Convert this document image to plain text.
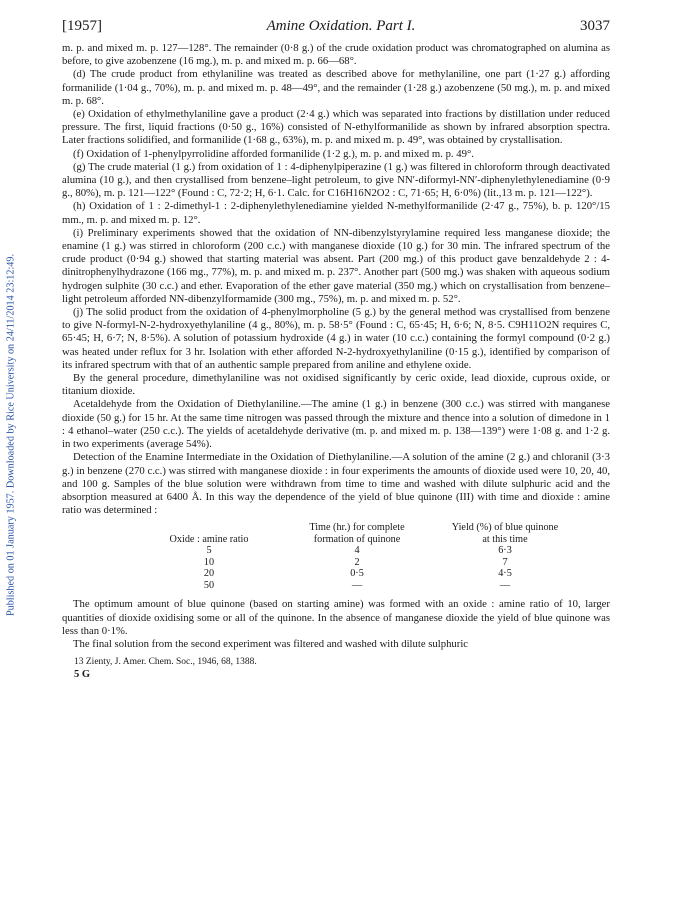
Published on 01 January 1957. Downloaded by Rice University on 24/11/2014 23:12:49.
[1957]	Amine Oxidation. Part I.	3037

m. p. and mixed m. p. 127—128°. The remainder (0·8 g.) of the crude oxidation product was chromatographed on alumina as before, to give azobenzene (16 mg.), m. p. and mixed m. p. 66—68°.

(d) The crude product from ethylaniline was treated as described above for methylaniline, one part (1·27 g.) affording formanilide (1·04 g., 70%), m. p. and mixed m. p. 48—49°, and the remainder (1·28 g.) azobenzene (50 mg.), m. p. and mixed m. p. 68°.

(e) Oxidation of ethylmethylaniline gave a product (2·4 g.) which was separated into fractions by distillation under reduced pressure. The first, liquid fractions (0·50 g., 16%) consisted of N-ethylformanilide as shown by infrared absorption spectra. Later fractions solidified, and formanilide (1·68 g., 63%), m. p. and mixed m. p. 49°, was obtained by crystallisation.

(f) Oxidation of 1-phenylpyrrolidine afforded formanilide (1·2 g.), m. p. and mixed m. p. 49°.

(g) The crude material (1 g.) from oxidation of 1 : 4-diphenylpiperazine (1 g.) was filtered in chloroform through deactivated alumina (10 g.), and then crystallised from benzene–light petroleum, to give NN′-diformyl-NN′-diphenylethylenediamine (0·9 g., 80%), m. p. 121—122° (Found : C, 72·2; H, 6·1. Calc. for C16H16N2O2 : C, 71·65; H, 6·0%) (lit.,13 m. p. 121—122°).

(h) Oxidation of 1 : 2-dimethyl-1 : 2-diphenylethylenediamine yielded N-methylformanilide (2·47 g., 75%), b. p. 120°/15 mm., m. p. and mixed m. p. 12°.

(i) Preliminary experiments showed that the oxidation of NN-dibenzylstyrylamine required less manganese dioxide; the enamine (1 g.) was stirred in chloroform (200 c.c.) with manganese dioxide (10 g.) for 30 min. The infrared spectrum of the crude product (0·94 g.) showed that starting material was absent. Part (200 mg.) of this product gave benzaldehyde 2 : 4-dinitrophenylhydrazone (166 mg., 77%), m. p. and mixed m. p. 237°. Another part (500 mg.) was shaken with aqueous sodium hydrogen sulphite (30 c.c.) and ether. Evaporation of the ether gave material (350 mg.) which on crystallisation from benzene–light petroleum afforded NN-dibenzylformamide (300 mg., 75%), m. p. and mixed m. p. 52°.

(j) The solid product from the oxidation of 4-phenylmorpholine (5 g.) by the general method was crystallised from benzene to give N-formyl-N-2-hydroxyethylaniline (4 g., 80%), m. p. 58·5° (Found : C, 65·45; H, 6·6; N, 8·5. C9H11O2N requires C, 65·45; H, 6·7; N, 8·5%). A solution of potassium hydroxide (4 g.) in water (10 c.c.) containing the formyl compound (0·2 g.) was heated under reflux for 3 hr. Isolation with ether afforded N-2-hydroxyethylaniline (0·15 g.), identified by comparison of its infrared spectrum with that of an authentic sample prepared from aniline and ethylene oxide.

By the general procedure, dimethylaniline was not oxidised significantly by ceric oxide, lead dioxide, cuprous oxide, or titanium dioxide.

Acetaldehyde from the Oxidation of Diethylaniline.—The amine (1 g.) in benzene (300 c.c.) was stirred with manganese dioxide (50 g.) for 15 hr. At the same time nitrogen was passed through the mixture and thence into a solution of dimedone in 1 : 4 ethanol–water (250 c.c.). The yields of acetaldehyde derivative (m. p. and mixed m. p. 138—139°) were 1·08 g. and 1·2 g. in two experiments (average 54%).

Detection of the Enamine Intermediate in the Oxidation of Diethylaniline.—A solution of the amine (2 g.) and chloranil (3·3 g.) in benzene (270 c.c.) was stirred with manganese dioxide : in four experiments the amounts of dioxide used were 10, 20, 40, and 100 g. Samples of the blue solution were withdrawn from time to time and washed with dilute sulphuric acid and the absorption measured at 6400 Å. In this way the dependence of the yield of blue quinone (III) with time and dioxide : amine ratio was determined :

Oxide : amine ratio	Time (hr.) for complete formation of quinone	Yield (%) of blue quinone at this time
5	4	6·3
10	2	7
20	0·5	4·5
50	—	—

The optimum amount of blue quinone (based on starting amine) was formed with an oxide : amine ratio of 10, larger quantities of dioxide oxidising some or all of the quinone. In the absence of manganese dioxide the yield of blue quinone was less than 0·1%.

The final solution from the second experiment was filtered and washed with dilute sulphuric

13 Zienty, J. Amer. Chem. Soc., 1946, 68, 1388.
5 G
